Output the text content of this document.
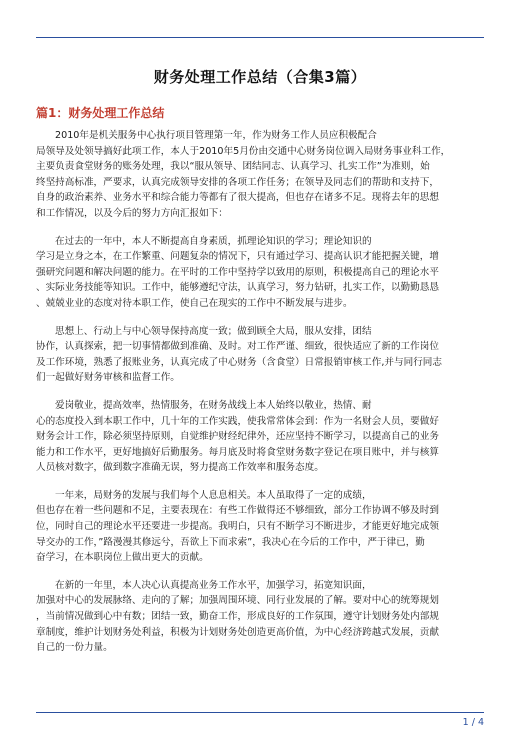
财务处理工作总结（合集3篇）
篇1：财务处理工作总结
2010年是机关服务中心执行项目管理第一年，作为财务工作人员应积极配合
局领导及处领导搞好此项工作，本人于2010年5月份由交通中心财务岗位调入局财务事业科工作，
主要负责食堂财务的账务处理，我以“服从领导、团结同志、认真学习、扎实工作”为准则，始
终坚持高标准，严要求，认真完成领导安排的各项工作任务；在领导及同志们的帮助和支持下，
自身的政治素养、业务水平和综合能力等都有了很大提高，但也存在诸多不足。现将去年的思想
和工作情况，以及今后的努力方向汇报如下：
在过去的一年中，本人不断提高自身素质，抓理论知识的学习；理论知识的
学习是立身之本，在工作繁重、问题复杂的情况下，只有通过学习、提高认识才能把握关键，增
强研究问题和解决问题的能力。在平时的工作中坚持学以致用的原则，积极提高自己的理论水平
、实际业务技能等知识。工作中，能够遵纪守法，认真学习，努力钻研，扎实工作，以勤勤恳恳
、兢兢业业的态度对待本职工作，使自己在现实的工作中不断发展与进步。
思想上、行动上与中心领导保持高度一致；做到顾全大局，服从安排，团结
协作，认真探索，把一切事情都做到准确、及时。对工作严谨、细致，很快适应了新的工作岗位
及工作环境，熟悉了报账业务，认真完成了中心财务（含食堂）日常报销审核工作,并与同行同志
们一起做好财务审核和监督工作。
爱岗敬业，提高效率，热情服务，在财务战线上本人始终以敬业，热情、耐
心的态度投入到本职工作中，几十年的工作实践，使我常常体会到：作为一名财会人员，要做好
财务会计工作，除必须坚持原则，自觉维护财经纪律外，还应坚持不断学习，以提高自己的业务
能力和工作水平，更好地搞好后勤服务。每月底及时将食堂财务数字登记在项目账中，并与核算
人员核对数字，做到数字准确无误，努力提高工作效率和服务态度。
一年来，局财务的发展与我们每个人息息相关。本人虽取得了一定的成绩，
但也存在着一些问题和不足，主要表现在：有些工作做得还不够细致，部分工作协调不够及时到
位，同时自己的理论水平还要进一步提高。我明白，只有不断学习不断进步，才能更好地完成领
导交办的工作，”路漫漫其修远兮，吾欲上下而求索”，我决心在今后的工作中，严于律已，勤
奋学习，在本职岗位上做出更大的贡献。
在新的一年里，本人决心认真提高业务工作水平，加强学习，拓宽知识面，
加强对中心的发展脉络、走向的了解；加强周围环境、同行业发展的了解。要对中心的统筹规划
，当前情况做到心中有数；团结一致，勤奋工作，形成良好的工作氛围，遵守计划财务处内部规
章制度，维护计划财务处利益，积极为计划财务处创造更高价值，为中心经济跨越式发展，贡献
自己的一份力量。
1 / 4
